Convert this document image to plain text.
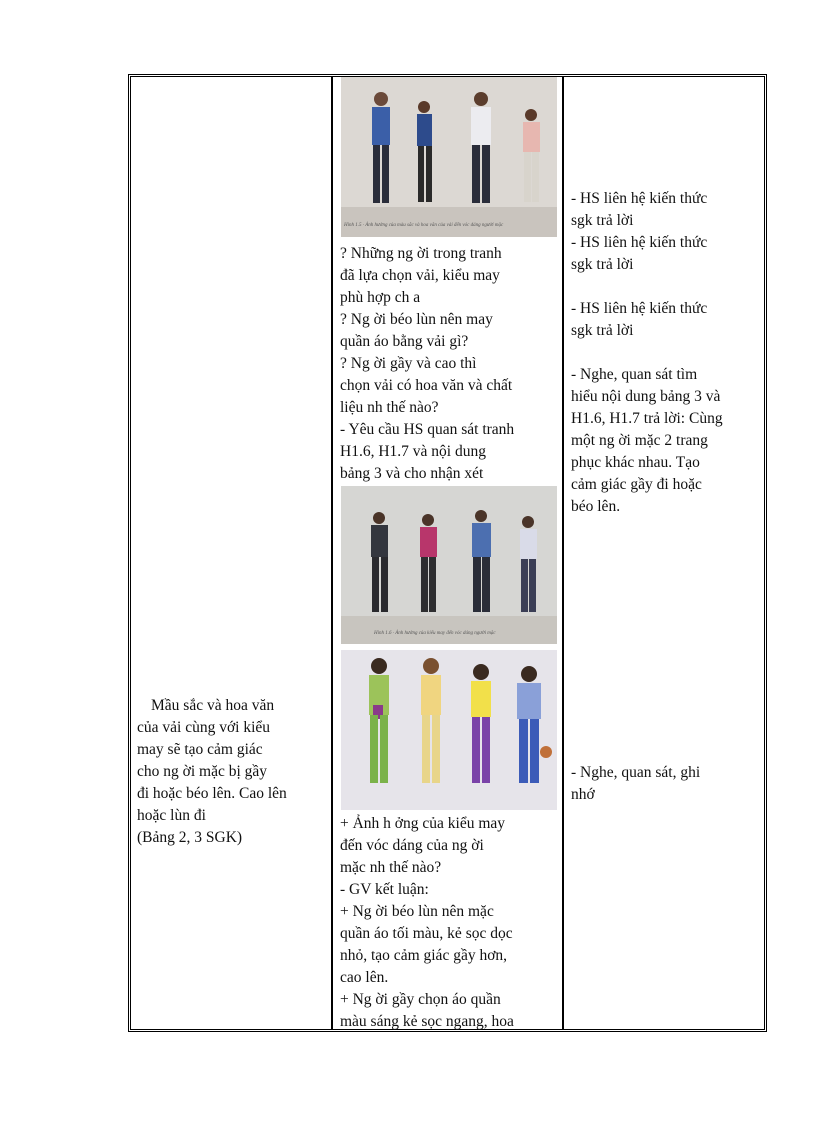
Mầu sắc và hoa văn

của vải cùng với kiểu

may sẽ tạo cảm giác

cho ng ời mặc bị gầy

đi hoặc béo lên. Cao lên

hoặc lùn đi

(Bảng 2, 3 SGK)

Hình 1.5 · Ảnh hưởng của màu sắc và hoa văn của vải đến vóc dáng người mặc

? Những ng ời trong tranh

đã lựa chọn vải, kiểu may

phù hợp ch a

? Ng ời béo lùn nên may

quần áo bằng vải gì?

? Ng ời gầy và cao thì

chọn vải có hoa văn và chất

liệu nh thế nào?

- Yêu cầu HS quan sát tranh

H1.6, H1.7 và nội dung

bảng 3 và cho nhận xét

Hình 1.6 · Ảnh hưởng của kiểu may đến vóc dáng người mặc

+ Ảnh h ởng của kiểu may

đến vóc dáng của ng ời

mặc nh thế nào?

- GV kết luận:

+ Ng ời béo lùn nên mặc

quần áo tối màu, kẻ sọc dọc

nhỏ, tạo cảm giác gầy hơn,

cao lên.

+ Ng ời gầy chọn áo quần

màu sáng kẻ sọc ngang, hoa

- HS liên hệ kiến thức

sgk trả lời

- HS liên hệ kiến thức

sgk trả lời

- HS liên hệ kiến thức

sgk trả lời

- Nghe, quan sát tìm

hiểu nội dung bảng 3 và

H1.6, H1.7 trả lời: Cùng

một ng ời mặc 2 trang

phục khác nhau. Tạo

cảm giác gầy đi hoặc

béo lên.

- Nghe, quan sát, ghi

nhớ
